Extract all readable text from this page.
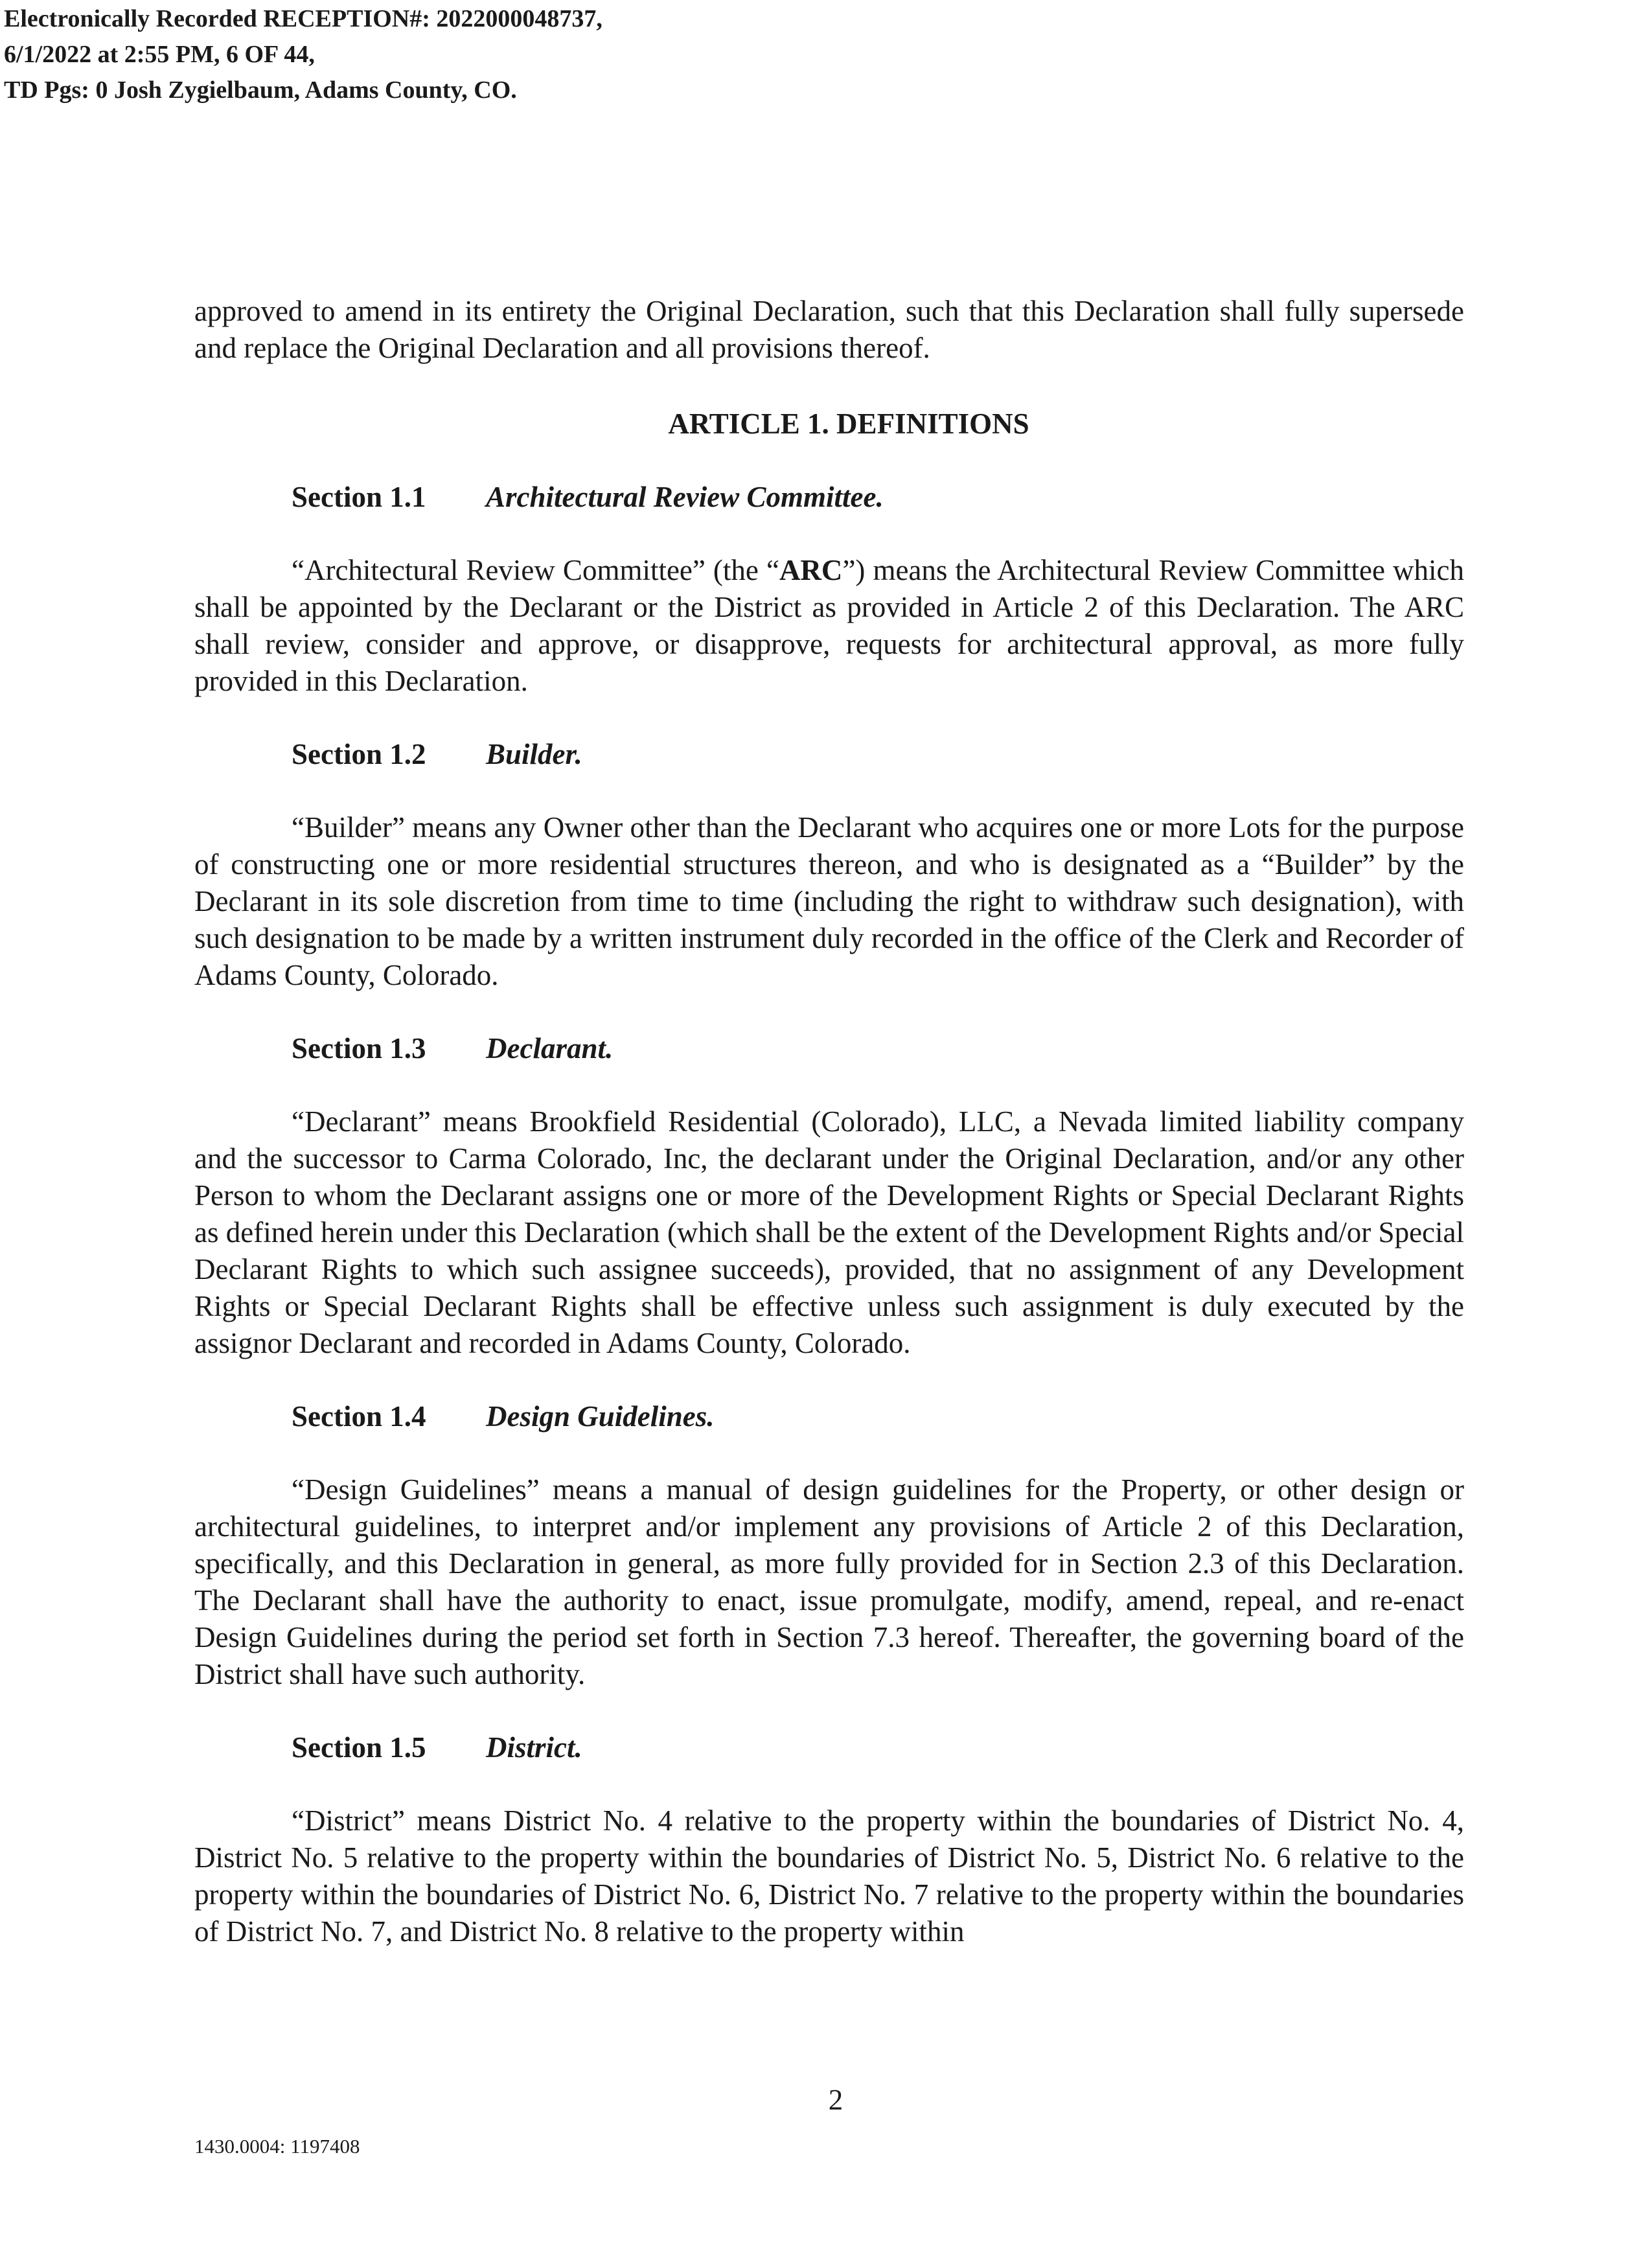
Electronically Recorded RECEPTION#: 2022000048737,
6/1/2022 at 2:55 PM, 6 OF 44,
TD Pgs: 0 Josh Zygielbaum, Adams County, CO.

approved to amend in its entirety the Original Declaration, such that this Declaration shall fully supersede and replace the Original Declaration and all provisions thereof.

ARTICLE 1. DEFINITIONS
Section 1.1 Architectural Review Committee.

“Architectural Review Committee” (the “ARC”) means the Architectural Review Committee which shall be appointed by the Declarant or the District as provided in Article 2 of this Declaration. The ARC shall review, consider and approve, or disapprove, requests for architectural approval, as more fully provided in this Declaration.

Section 1.2 Builder.

“Builder” means any Owner other than the Declarant who acquires one or more Lots for the purpose of constructing one or more residential structures thereon, and who is designated as a “Builder” by the Declarant in its sole discretion from time to time (including the right to withdraw such designation), with such designation to be made by a written instrument duly recorded in the office of the Clerk and Recorder of Adams County, Colorado.

Section 1.3 Declarant.

“Declarant” means Brookfield Residential (Colorado), LLC, a Nevada limited liability company and the successor to Carma Colorado, Inc, the declarant under the Original Declaration, and/or any other Person to whom the Declarant assigns one or more of the Development Rights or Special Declarant Rights as defined herein under this Declaration (which shall be the extent of the Development Rights and/or Special Declarant Rights to which such assignee succeeds), provided, that no assignment of any Development Rights or Special Declarant Rights shall be effective unless such assignment is duly executed by the assignor Declarant and recorded in Adams County, Colorado.

Section 1.4 Design Guidelines.

“Design Guidelines” means a manual of design guidelines for the Property, or other design or architectural guidelines, to interpret and/or implement any provisions of Article 2 of this Declaration, specifically, and this Declaration in general, as more fully provided for in Section 2.3 of this Declaration. The Declarant shall have the authority to enact, issue promulgate, modify, amend, repeal, and re-enact Design Guidelines during the period set forth in Section 7.3 hereof. Thereafter, the governing board of the District shall have such authority.

Section 1.5 District.

“District” means District No. 4 relative to the property within the boundaries of District No. 4, District No. 5 relative to the property within the boundaries of District No. 5, District No. 6 relative to the property within the boundaries of District No. 6, District No. 7 relative to the property within the boundaries of District No. 7, and District No. 8 relative to the property within

2
1430.0004: 1197408
